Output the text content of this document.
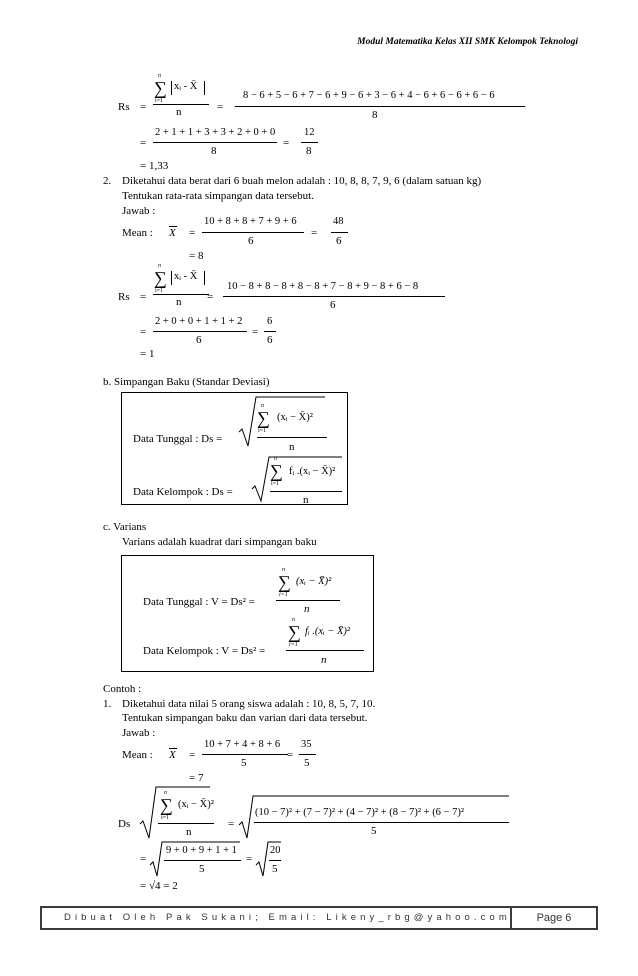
Modul Matematika Kelas XII SMK Kelompok Teknologi
Rs =
n
∑
i=1
xᵢ - X̄
n	=
8 − 6 + 5 − 6 + 7 − 6 + 9 − 6 + 3 − 6 + 4 − 6 + 6 − 6 + 6 − 6
8
=
2 + 1 + 1 + 3 + 3 + 2 + 0 + 0
8
=
12
8
= 1,33
2. Diketahui data berat dari 6 buah melon adalah : 10, 8, 8, 7, 9, 6 (dalam satuan kg)
Tentukan rata-rata simpangan data tersebut.
Jawab :
Mean : X =
10 + 8 + 8 + 7 + 9 + 6
6
=
48
6
= 8
Rs =
n
∑
i=1
xᵢ - X̄
n =
10 − 8 + 8 − 8 + 8 − 8 + 7 − 8 + 9 − 8 + 6 − 8
6
=
2 + 0 + 0 + 1 + 1 + 2
6
=
6
6
= 1
b. Simpangan Baku (Standar Deviasi)
Data Tunggal : Ds =
n
∑
i=1
(xᵢ − X̄)²
n
Data Kelompok : Ds =
n
∑
i=1
fᵢ .(xᵢ − X̄)²
n
c. Varians
Varians adalah kuadrat dari simpangan baku
Data Tunggal : V = Ds² =
n
∑
i=1
(xᵢ − X̄)²
n
Data Kelompok : V = Ds² =
n
∑
i=1
fᵢ .(xᵢ − X̄)²
n
Contoh :
1. Diketahui data nilai 5 orang siswa adalah : 10, 8, 5, 7, 10.
Tentukan simpangan baku dan varian dari data tersebut.
Jawab :
Mean : X =
10 + 7 + 4 + 8 + 6
5
=
35
5
= 7
Ds
n
∑
i=1
(xᵢ − X̄)²
n
=
(10 − 7)² + (7 − 7)² + (4 − 7)² + (8 − 7)² + (6 − 7)²
5
=
9 + 0 + 9 + 1 + 1
5
=
20
5
= √4 = 2
Dibuat Oleh Pak Sukani; Email: Likeny_rbg@yahoo.com	Page 6
